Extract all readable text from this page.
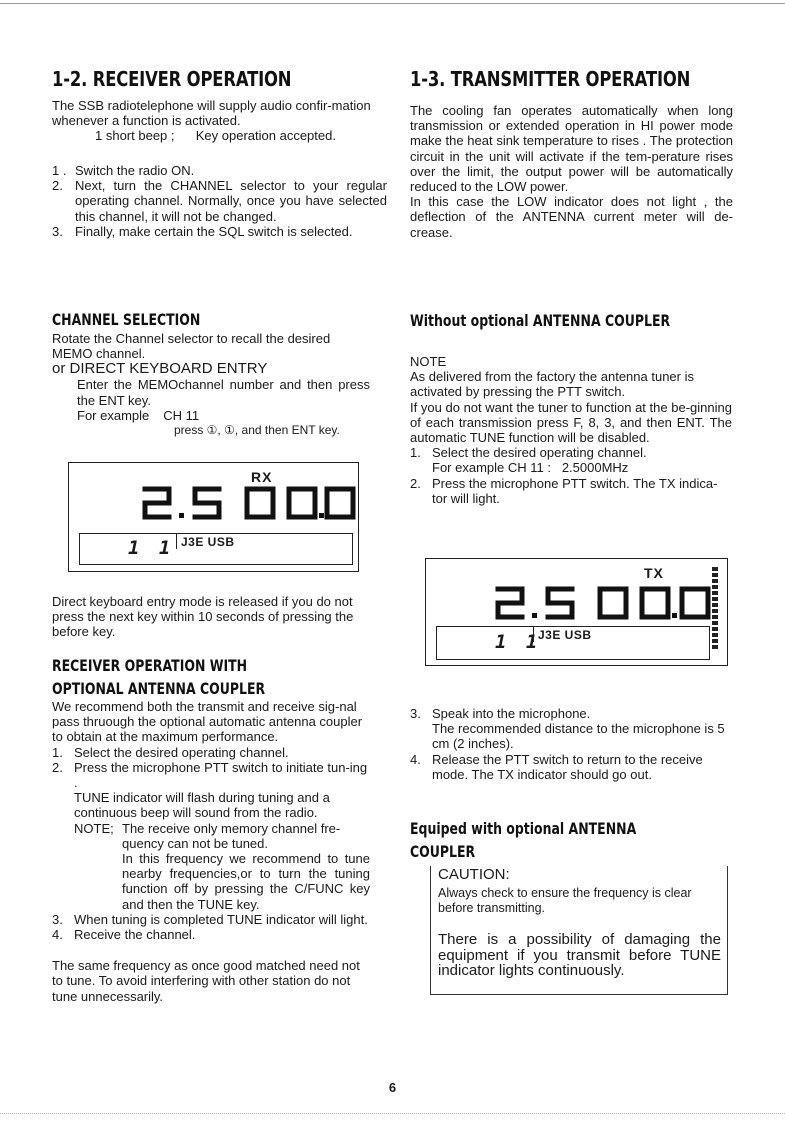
1-2. RECEIVER OPERATION

The SSB radiotelephone will supply audio confir-mation whenever a function is activated.

1 short beep ; Key operation accepted.

1 . Switch the radio ON.
2. Next, turn the CHANNEL selector to your regular operating channel. Normally, once you have selected this channel, it will not be changed.
3. Finally, make certain the SQL switch is selected.
CHANNEL SELECTION

Rotate the Channel selector to recall the desired MEMO channel.

or DIRECT KEYBOARD ENTRY

Enter the MEMOchannel number and then press the ENT key.

For example CH 11

press ①, ①, and then ENT key.

RX
1 1 J3E USB
Direct keyboard entry mode is released if you do not press the next key within 10 seconds of pressing the before key.
RECEIVER OPERATION WITH
OPTIONAL ANTENNA COUPLER

We recommend both the transmit and receive sig-nal pass thruough the optional automatic antenna coupler to obtain at the maximum performance.

1. Select the desired operating channel.
2. Press the microphone PTT switch to initiate tun-ing .

TUNE indicator will flash during tuning and a continuous beep will sound from the radio.

NOTE; The receive only memory channel fre-quency can not be tuned.

In this frequency we recommend to tune nearby frequencies,or to turn the tuning function off by pressing the C/FUNC key and then the TUNE key.

3. When tuning is completed TUNE indicator will light.
4. Receive the channel.

The same frequency as once good matched need not to tune. To avoid interfering with other station do not tune unnecessarily.

1-3. TRANSMITTER OPERATION

The cooling fan operates automatically when long transmission or extended operation in HI power mode make the heat sink temperature to rises . The protection circuit in the unit will activate if the tem-perature rises over the limit, the output power will be automatically reduced to the LOW power.

In this case the LOW indicator does not light , the deflection of the ANTENNA current meter will de-crease.

Without optional ANTENNA COUPLER

NOTE

As delivered from the factory the antenna tuner is activated by pressing the PTT switch.

If you do not want the tuner to function at the be-ginning of each transmission press F, 8, 3, and then ENT. The automatic TUNE function will be disabled.

1. Select the desired operating channel.

For example CH 11 : 2.5000MHz

2. Press the microphone PTT switch. The TX indica-tor will light.
TX
1 1
J3E USB
3. Speak into the microphone.

The recommended distance to the microphone is 5 cm (2 inches).

4. Release the PTT switch to return to the receive mode. The TX indicator should go out.
Equiped with optional ANTENNA
COUPLER
CAUTION:
Always check to ensure the frequency is clear before transmitting.
There is a possibility of damaging the equipment if you transmit before TUNE indicator lights continuously.
6
